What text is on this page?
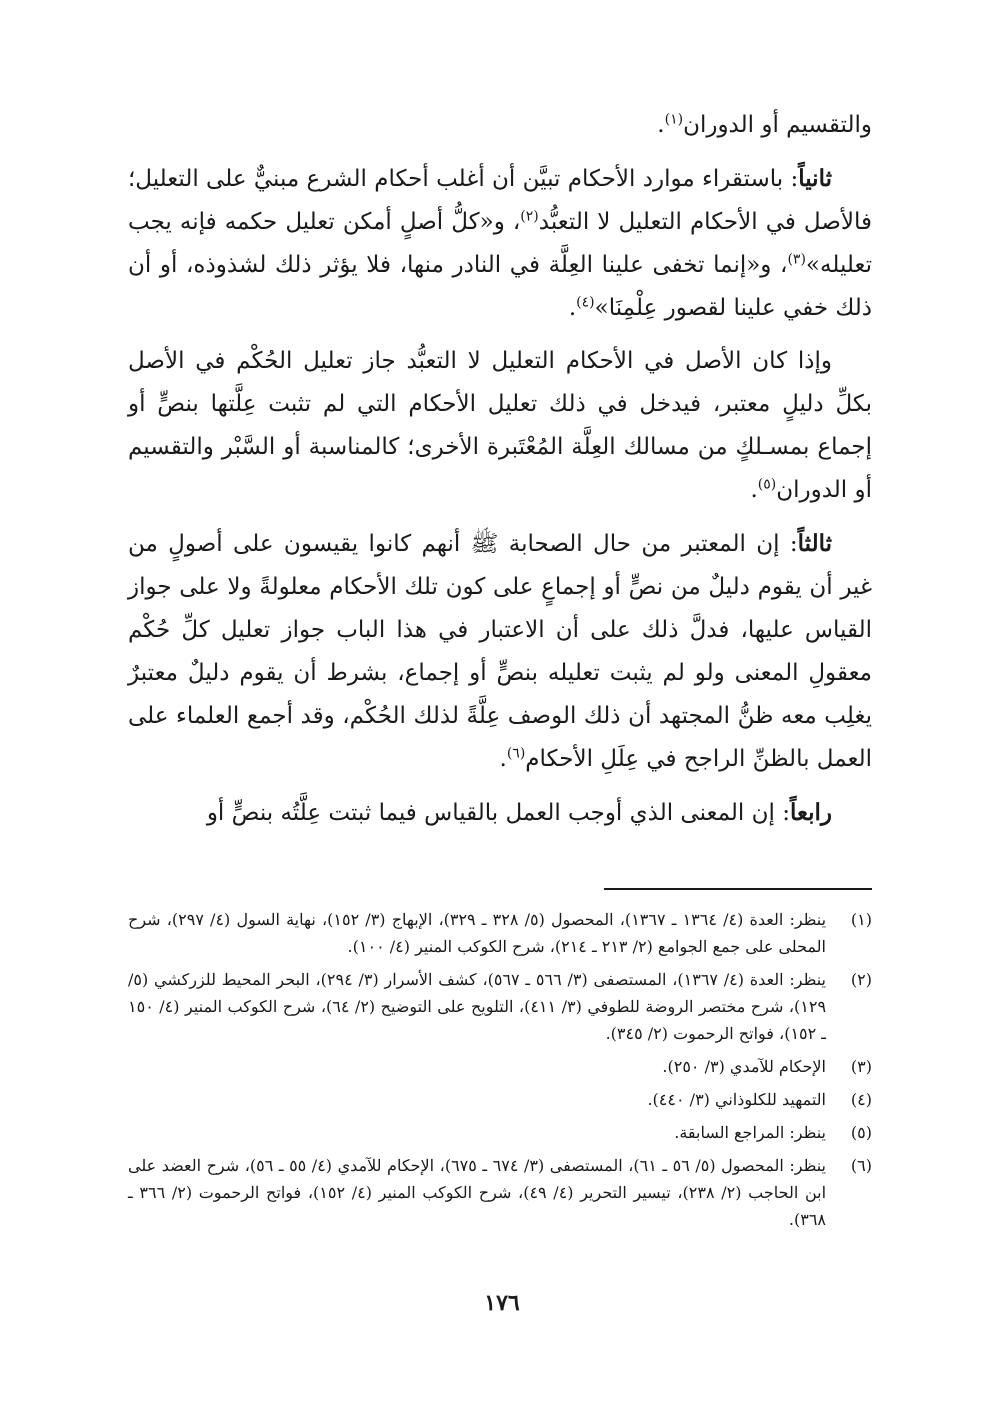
والتقسيم أو الدوران$^{(١)}$.

ثانياً: باستقراء موارد الأحكام تبيَّن أن أغلب أحكام الشرع مبنيٌّ على التعليل؛ فالأصل في الأحكام التعليل لا التعبُّد$^{(٢)}$، و«كلُّ أصلٍ أمكن تعليل حكمه فإنه يجب تعليله»$^{(٣)}$، و«إنما تخفى علينا العِلَّة في النادر منها، فلا يؤثر ذلك لشذوذه، أو أن ذلك خفي علينا لقصور عِلْمِنَا»$^{(٤)}$.

وإذا كان الأصل في الأحكام التعليل لا التعبُّد جاز تعليل الحُكْم في الأصل بكلِّ دليلٍ معتبر، فيدخل في ذلك تعليل الأحكام التي لم تثبت عِلَّتها بنصٍّ أو إجماع بمسـلكٍ من مسالك العِلَّة المُعْتَبرة الأخرى؛ كالمناسبة أو السَّبْر والتقسيم أو الدوران$^{(٥)}$.

ثالثاً: إن المعتبر من حال الصحابة ﷺ أنهم كانوا يقيسون على أصولٍ من غير أن يقوم دليلٌ من نصٍّ أو إجماعٍ على كون تلك الأحكام معلولةً ولا على جواز القياس عليها، فدلَّ ذلك على أن الاعتبار في هذا الباب جواز تعليل كلِّ حُكْم معقولِ المعنى ولو لم يثبت تعليله بنصٍّ أو إجماع، بشرط أن يقوم دليلٌ معتبرٌ يغلِب معه ظنُّ المجتهد أن ذلك الوصف عِلَّةً لذلك الحُكْم، وقد أجمع العلماء على العمل بالظنِّ الراجح في عِلَلِ الأحكام$^{(٦)}$.

رابعاً: إن المعنى الذي أوجب العمل بالقياس فيما ثبتت عِلَّتُه بنصٍّ أو

(١)
ينظر: العدة (٤/ ١٣٦٤ ـ ١٣٦٧)، المحصول (٥/ ٣٢٨ ـ ٣٢٩)، الإبهاج (٣/ ١٥٢)، نهاية السول (٤/ ٢٩٧)، شرح المحلى على جمع الجوامع (٢/ ٢١٣ ـ ٢١٤)، شرح الكوكب المنير (٤/ ١٠٠).
(٢)
ينظر: العدة (٤/ ١٣٦٧)، المستصفى (٣/ ٥٦٦ ـ ٥٦٧)، كشف الأسرار (٣/ ٢٩٤)، البحر المحيط للزركشي (٥/ ١٢٩)، شرح مختصر الروضة للطوفي (٣/ ٤١١)، التلويح على التوضيح (٢/ ٦٤)، شرح الكوكب المنير (٤/ ١٥٠ ـ ١٥٢)، فواتح الرحموت (٢/ ٣٤٥).
(٣)
الإحكام للآمدي (٣/ ٢٥٠).
(٤)
التمهيد للكلوذاني (٣/ ٤٤٠).
(٥)
ينظر: المراجع السابقة.
(٦)
ينظر: المحصول (٥/ ٥٦ ـ ٦١)، المستصفى (٣/ ٦٧٤ ـ ٦٧٥)، الإحكام للآمدي (٤/ ٥٥ ـ ٥٦)، شرح العضد على ابن الحاجب (٢/ ٢٣٨)، تيسير التحرير (٤/ ٤٩)، شرح الكوكب المنير (٤/ ١٥٢)، فواتح الرحموت (٢/ ٣٦٦ ـ ٣٦٨).
١٧٦
